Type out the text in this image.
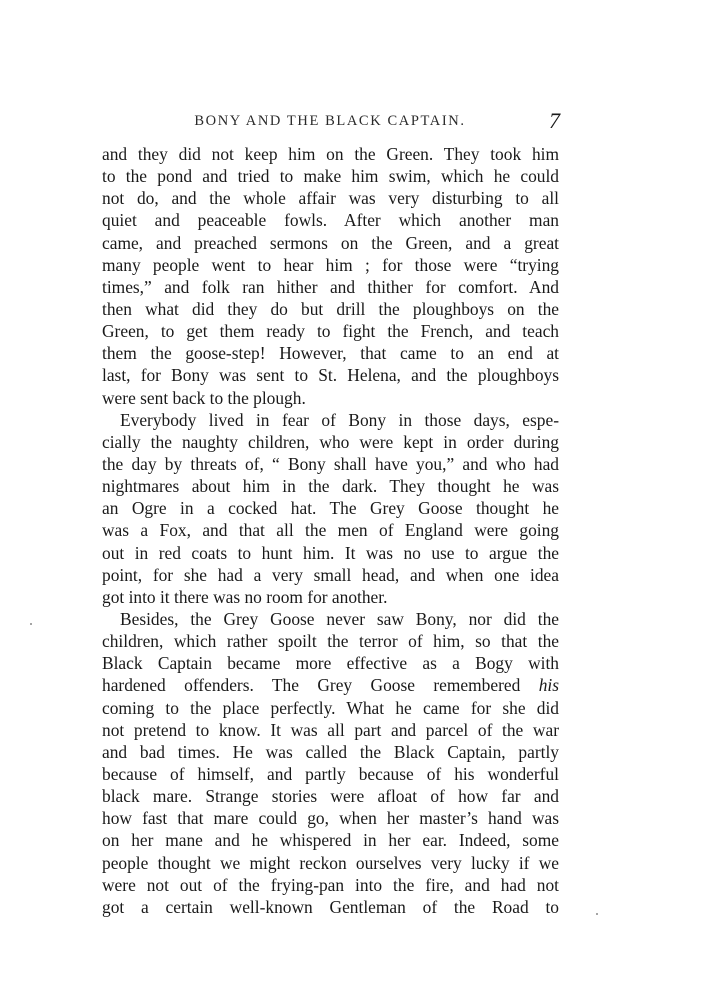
BONY AND THE BLACK CAPTAIN.	7
and they did not keep him on the Green. They took him
to the pond and tried to make him swim, which he could
not do, and the whole affair was very disturbing to all
quiet and peaceable fowls. After which another man
came, and preached sermons on the Green, and a great
many people went to hear him ; for those were “trying
times,” and folk ran hither and thither for comfort. And
then what did they do but drill the ploughboys on the
Green, to get them ready to fight the French, and teach
them the goose-step! However, that came to an end at
last, for Bony was sent to St. Helena, and the ploughboys
were sent back to the plough.
Everybody lived in fear of Bony in those days, espe-
cially the naughty children, who were kept in order during
the day by threats of, “ Bony shall have you,” and who had
nightmares about him in the dark. They thought he was
an Ogre in a cocked hat. The Grey Goose thought he
was a Fox, and that all the men of England were going
out in red coats to hunt him. It was no use to argue the
point, for she had a very small head, and when one idea
got into it there was no room for another.
Besides, the Grey Goose never saw Bony, nor did the
children, which rather spoilt the terror of him, so that the
Black Captain became more effective as a Bogy with
hardened offenders. The Grey Goose remembered his
coming to the place perfectly. What he came for she did
not pretend to know. It was all part and parcel of the war
and bad times. He was called the Black Captain, partly
because of himself, and partly because of his wonderful
black mare. Strange stories were afloat of how far and
how fast that mare could go, when her master’s hand was
on her mane and he whispered in her ear. Indeed, some
people thought we might reckon ourselves very lucky if we
were not out of the frying-pan into the fire, and had not
got a certain well-known Gentleman of the Road to
